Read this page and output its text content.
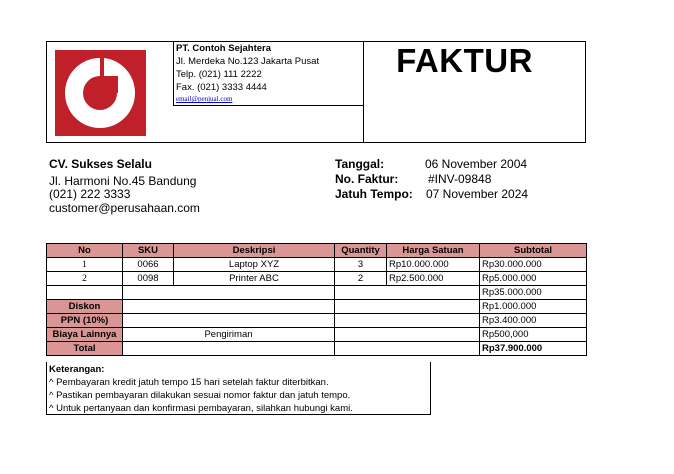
PT. Contoh Sejahtera
Jl. Merdeka No.123 Jakarta Pusat
Telp. (021) 111 2222
Fax. (021) 3333 4444
email@penjual.com
FAKTUR
CV. Sukses Selalu
Jl. Harmoni No.45 Bandung
(021) 222 3333
customer@perusahaan.com
Tanggal:	06 November 2004
No. Faktur: #INV-09848
Jatuh Tempo: 07 November 2024
No	SKU	Deskripsi	Quantity	Harga Satuan	Subtotal
1	0066	Laptop XYZ	3	Rp10.000.000	Rp30.000.000
2	0098	Printer ABC	2	Rp2.500.000	Rp5.000.000
					Rp35.000.000
Diskon					Rp1.000.000
PPN (10%)					Rp3.400.000
Biaya Lainnya	Pengiriman				Rp500,000
Total					Rp37.900.000
Keterangan:
^ Pembayaran kredit jatuh tempo 15 hari setelah faktur diterbitkan.
^ Pastikan pembayaran dilakukan sesuai nomor faktur dan jatuh tempo.
^ Untuk pertanyaan dan konfirmasi pembayaran, silahkan hubungi kami.
